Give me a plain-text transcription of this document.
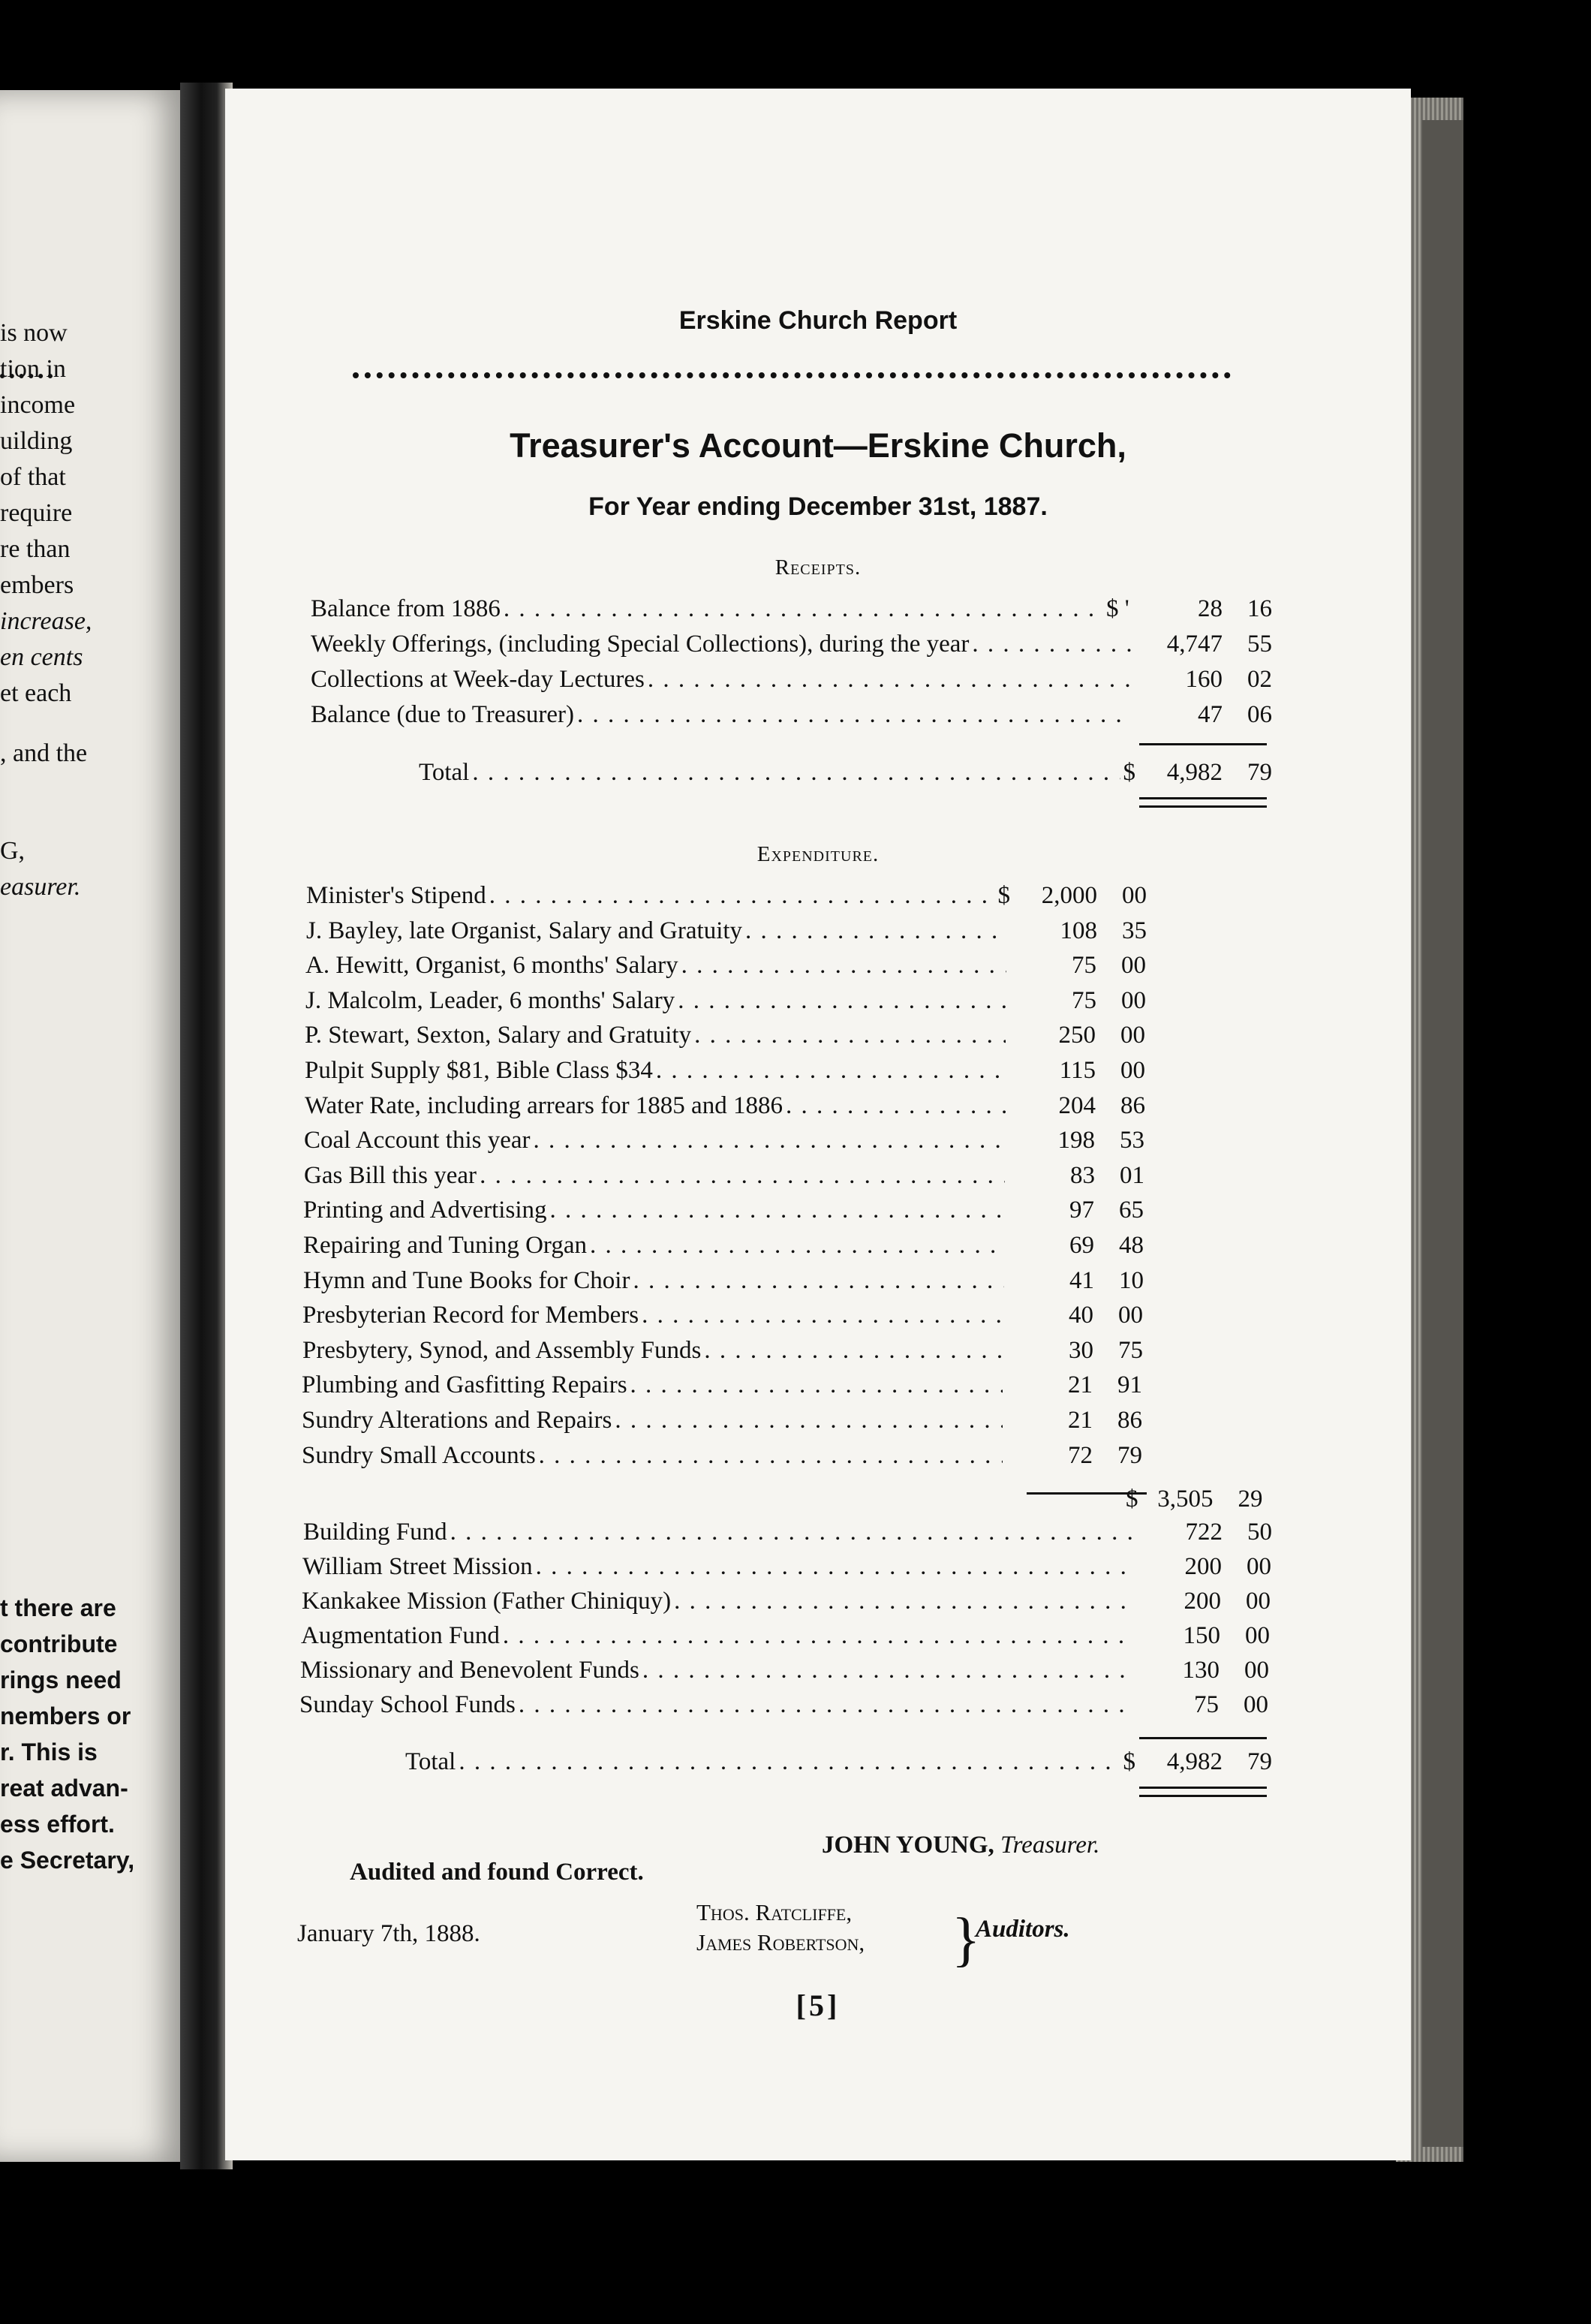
is now
tion in
income
uilding
of that
require
re than
embers
increase,
en cents
et each
, and the
G,
easurer.
t there are
contribute
rings need
nembers or
r. This is
reat advan-
ess effort.
e Secretary,
Erskine Church Report
Treasurer's Account—Erskine Church,
For Year ending December 31st, 1887.
Receipts.
Balance from 1886 . . .	$ '	28 16
Weekly Offerings, (including Special Collections), during the year . . .	4,747 55
Collections at Week-day Lectures . . .	160 02
Balance (due to Treasurer) . . .	47 06
Total . . .	$ 4,982 79
Expenditure.
Minister's Stipend . . .	$ 2,000 00
J. Bayley, late Organist, Salary and Gratuity . . .	108 35
A. Hewitt, Organist, 6 months' Salary . . .	75 00
J. Malcolm, Leader, 6 months' Salary . . .	75 00
P. Stewart, Sexton, Salary and Gratuity . . .	250 00
Pulpit Supply $81, Bible Class $34 . . .	115 00
Water Rate, including arrears for 1885 and 1886 . . .	204 86
Coal Account this year . . .	198 53
Gas Bill this year . . .	83 01
Printing and Advertising . . .	97 65
Repairing and Tuning Organ . . .	69 48
Hymn and Tune Books for Choir . . .	41 10
Presbyterian Record for Members . . .	40 00
Presbytery, Synod, and Assembly Funds . . .	30 75
Plumbing and Gasfitting Repairs . . .	21 91
Sundry Alterations and Repairs . . .	21 86
Sundry Small Accounts . . .	72 79
$ 3,505 29
Building Fund . . .	722 50
William Street Mission . . .	200 00
Kankakee Mission (Father Chiniquy) . . .	200 00
Augmentation Fund . . .	150 00
Missionary and Benevolent Funds . . .	130 00
Sunday School Funds . . .	75 00
Total . . .	$ 4,982 79
JOHN YOUNG, Treasurer.
Audited and found Correct.
January 7th, 1888.
Thos. Ratcliffe,
James Robertson, }
Auditors.
[5]
